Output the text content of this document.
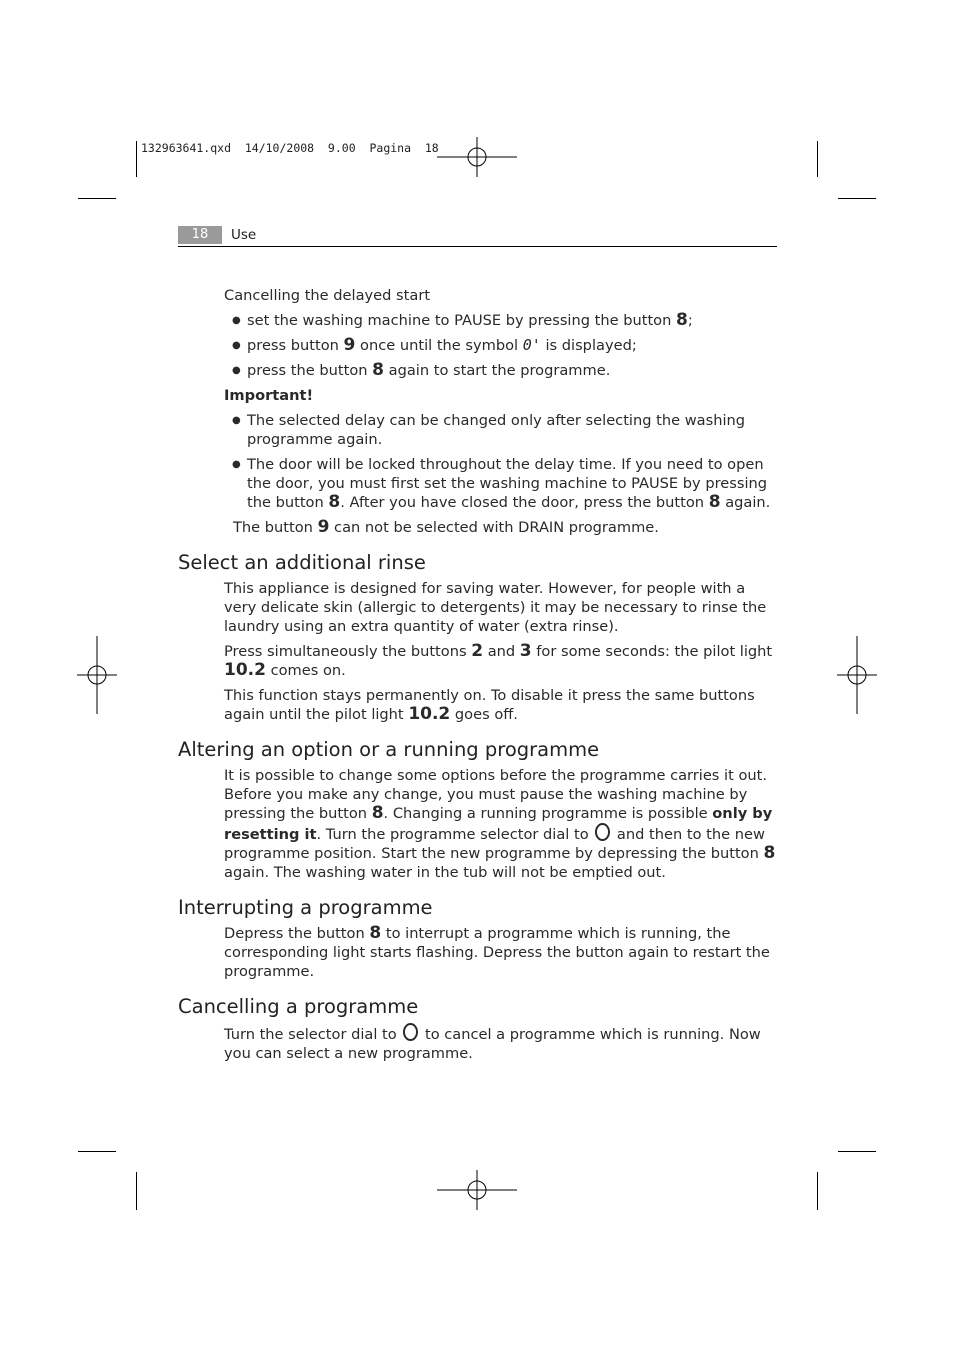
132963641.qxd  14/10/2008  9.00  Pagina  18
18	Use
Cancelling the delayed start
● set the washing machine to PAUSE by pressing the button 8;
● press button 9 once until the symbol 0' is displayed;
● press the button 8 again to start the programme.
Important!
● The selected delay can be changed only after selecting the washing programme again.
● The door will be locked throughout the delay time. If you need to open the door, you must first set the washing machine to PAUSE by pressing the button 8. After you have closed the door, press the button 8 again.
The button 9 can not be selected with DRAIN programme.
Select an additional rinse

This appliance is designed for saving water. However, for people with a very delicate skin (allergic to detergents) it may be necessary to rinse the laundry using an extra quantity of water (extra rinse).

Press simultaneously the buttons 2 and 3 for some seconds: the pilot light 10.2 comes on.

This function stays permanently on. To disable it press the same buttons again until the pilot light 10.2 goes off.

Altering an option or a running programme

It is possible to change some options before the programme carries it out. Before you make any change, you must pause the washing machine by pressing the button 8. Changing a running programme is possible only by resetting it. Turn the programme selector dial to and then to the new programme position. Start the new programme by depressing the button 8 again. The washing water in the tub will not be emptied out.

Interrupting a programme

Depress the button 8 to interrupt a programme which is running, the corresponding light starts flashing. Depress the button again to restart the programme.

Cancelling a programme

Turn the selector dial to to cancel a programme which is running. Now you can select a new programme.
